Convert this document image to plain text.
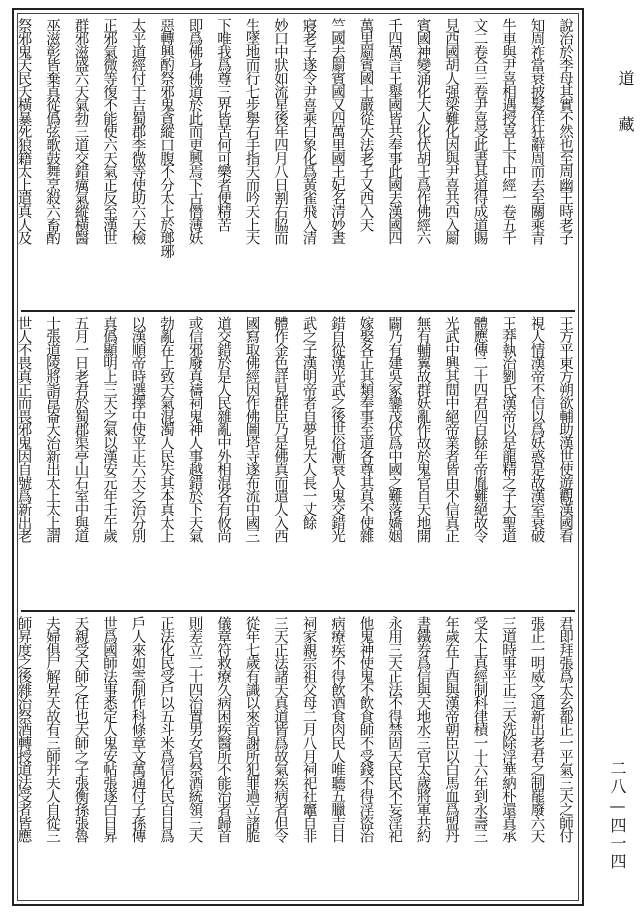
說治於李母其實不然也至周幽王時老子
知周祚當衰披髮佯狂辭周而去至關乘青
牛車與尹喜相遇授喜上下中經一卷五千
文二卷合三卷尹喜受此書其道得成道賜
見西國胡人强梁難化因與尹喜共西入罽
賓國神變涌化大人化伏胡王爲作佛經六
千四萬言王舉國皆共奉事此國去漢國四
萬里罽賓國土嚴從大法老子又西入天
竺國去罽賓國又四萬里國王妃名清妙晝
寢老子遂令尹喜乘白象化爲黃雀飛入清
妙口中狀如流星後年四月八日割右脇而
生墜地而行七步舉右手指天而吟天上天
下唯我爲尊三界皆苦何可樂者便精苦
即爲佛身佛道於此而更興焉下古僭薄妖
惡轉興酌祭邪鬼貪縱口腹不分太上於瑯琊
太平道經付于吉蜀郡李微等使助六天檢
正邪氣微等復不能使六天氣正反至漢世
群邪滋盛六天氣勃三道交錯癘氣縱橫醫
巫滋彰皆棄真從僞弦歌鼓舞烹殺六畜酌
祭邪鬼天民夭橫暴死狼籍太上遣真人及
王方平東方朔欲輔助漢世使遊觀漢國看
視人情漢帝不信以爲妖惑是故漢室衰破
王莽執治劉氏漢帝以是龍精之子大聖道
體應傳二十四君四百餘年帝胤難絕故令
光武中興其間中絕帝業者皆由不信真正
無有輔翼故群妖亂作故於鬼官自天地開
闢乃有建吳冢鑾茂伏爲中國之難落嬌姻
嫁娶各正其類奉事至道各尊其真不使雜
錯自從漢光武之後世俗漸衰人鬼交錯光
武之子漢明帝者自夢見大人長一丈餘
體作金色詳見群臣乃是佛真而遣人入西
國寫取佛經因作佛圖塔寺遂布流中國三
道交錯於是人民雜亂中外相混各有攸尚
或信邪廢真禱祠鬼神人事越錯於下天氣
勃亂在上致天氣混濁人民失其本真太上
以漢順帝時選擇中使平正六天之治分別
真僞顯明上三天之氣以漢安元年壬午歲
五月一日老君於蜀郡渠亭山石室中與道
士張道陵將詣崑崙大治新出太上太上謂
世人不畏真正而畏邪鬼因自號爲新出老
君即拜張爲太玄都正一平氣三天之師付
張正一明威之道新出老君之制罷廢六天
三道時事平正三天洗除浮華納朴還真承
受太上真經制科律積一十六年到永壽三
年歲在丁酉與漢帝朝臣以白馬血爲盟丹
書鐵券爲信與天地水三官太歲將軍共約
永用三天正法不得禁固天民民不妄淫祀
他鬼神使鬼不飲食師不受錢不得淫盜治
病療疾不得飲酒食肉民人唯聽五臘吉日
祠家親宗祖父母二月八月祠祀社竈自非
三天正法諸天真道皆爲故氣疾病者但令
從年七歲有識以來首謝所犯罪過立諸脆
儀章符救療久病困疾醫所不能治者歸首
則差立二十四治置男女官祭酒統領三天
正法化民受戶以五斗米爲信化民百日爲
戶人來如雲制作科條章文萬通付子孫傳
世爲國師法事悉定人鬼安帖張遂白日昇
天親受天師之任也天師之子張衡孫張魯
夫婦俱尸解昇天故有三師并夫人自從三
師昇度之後雜治祭酒轉授道法受者皆應
道藏
二八—四一四
